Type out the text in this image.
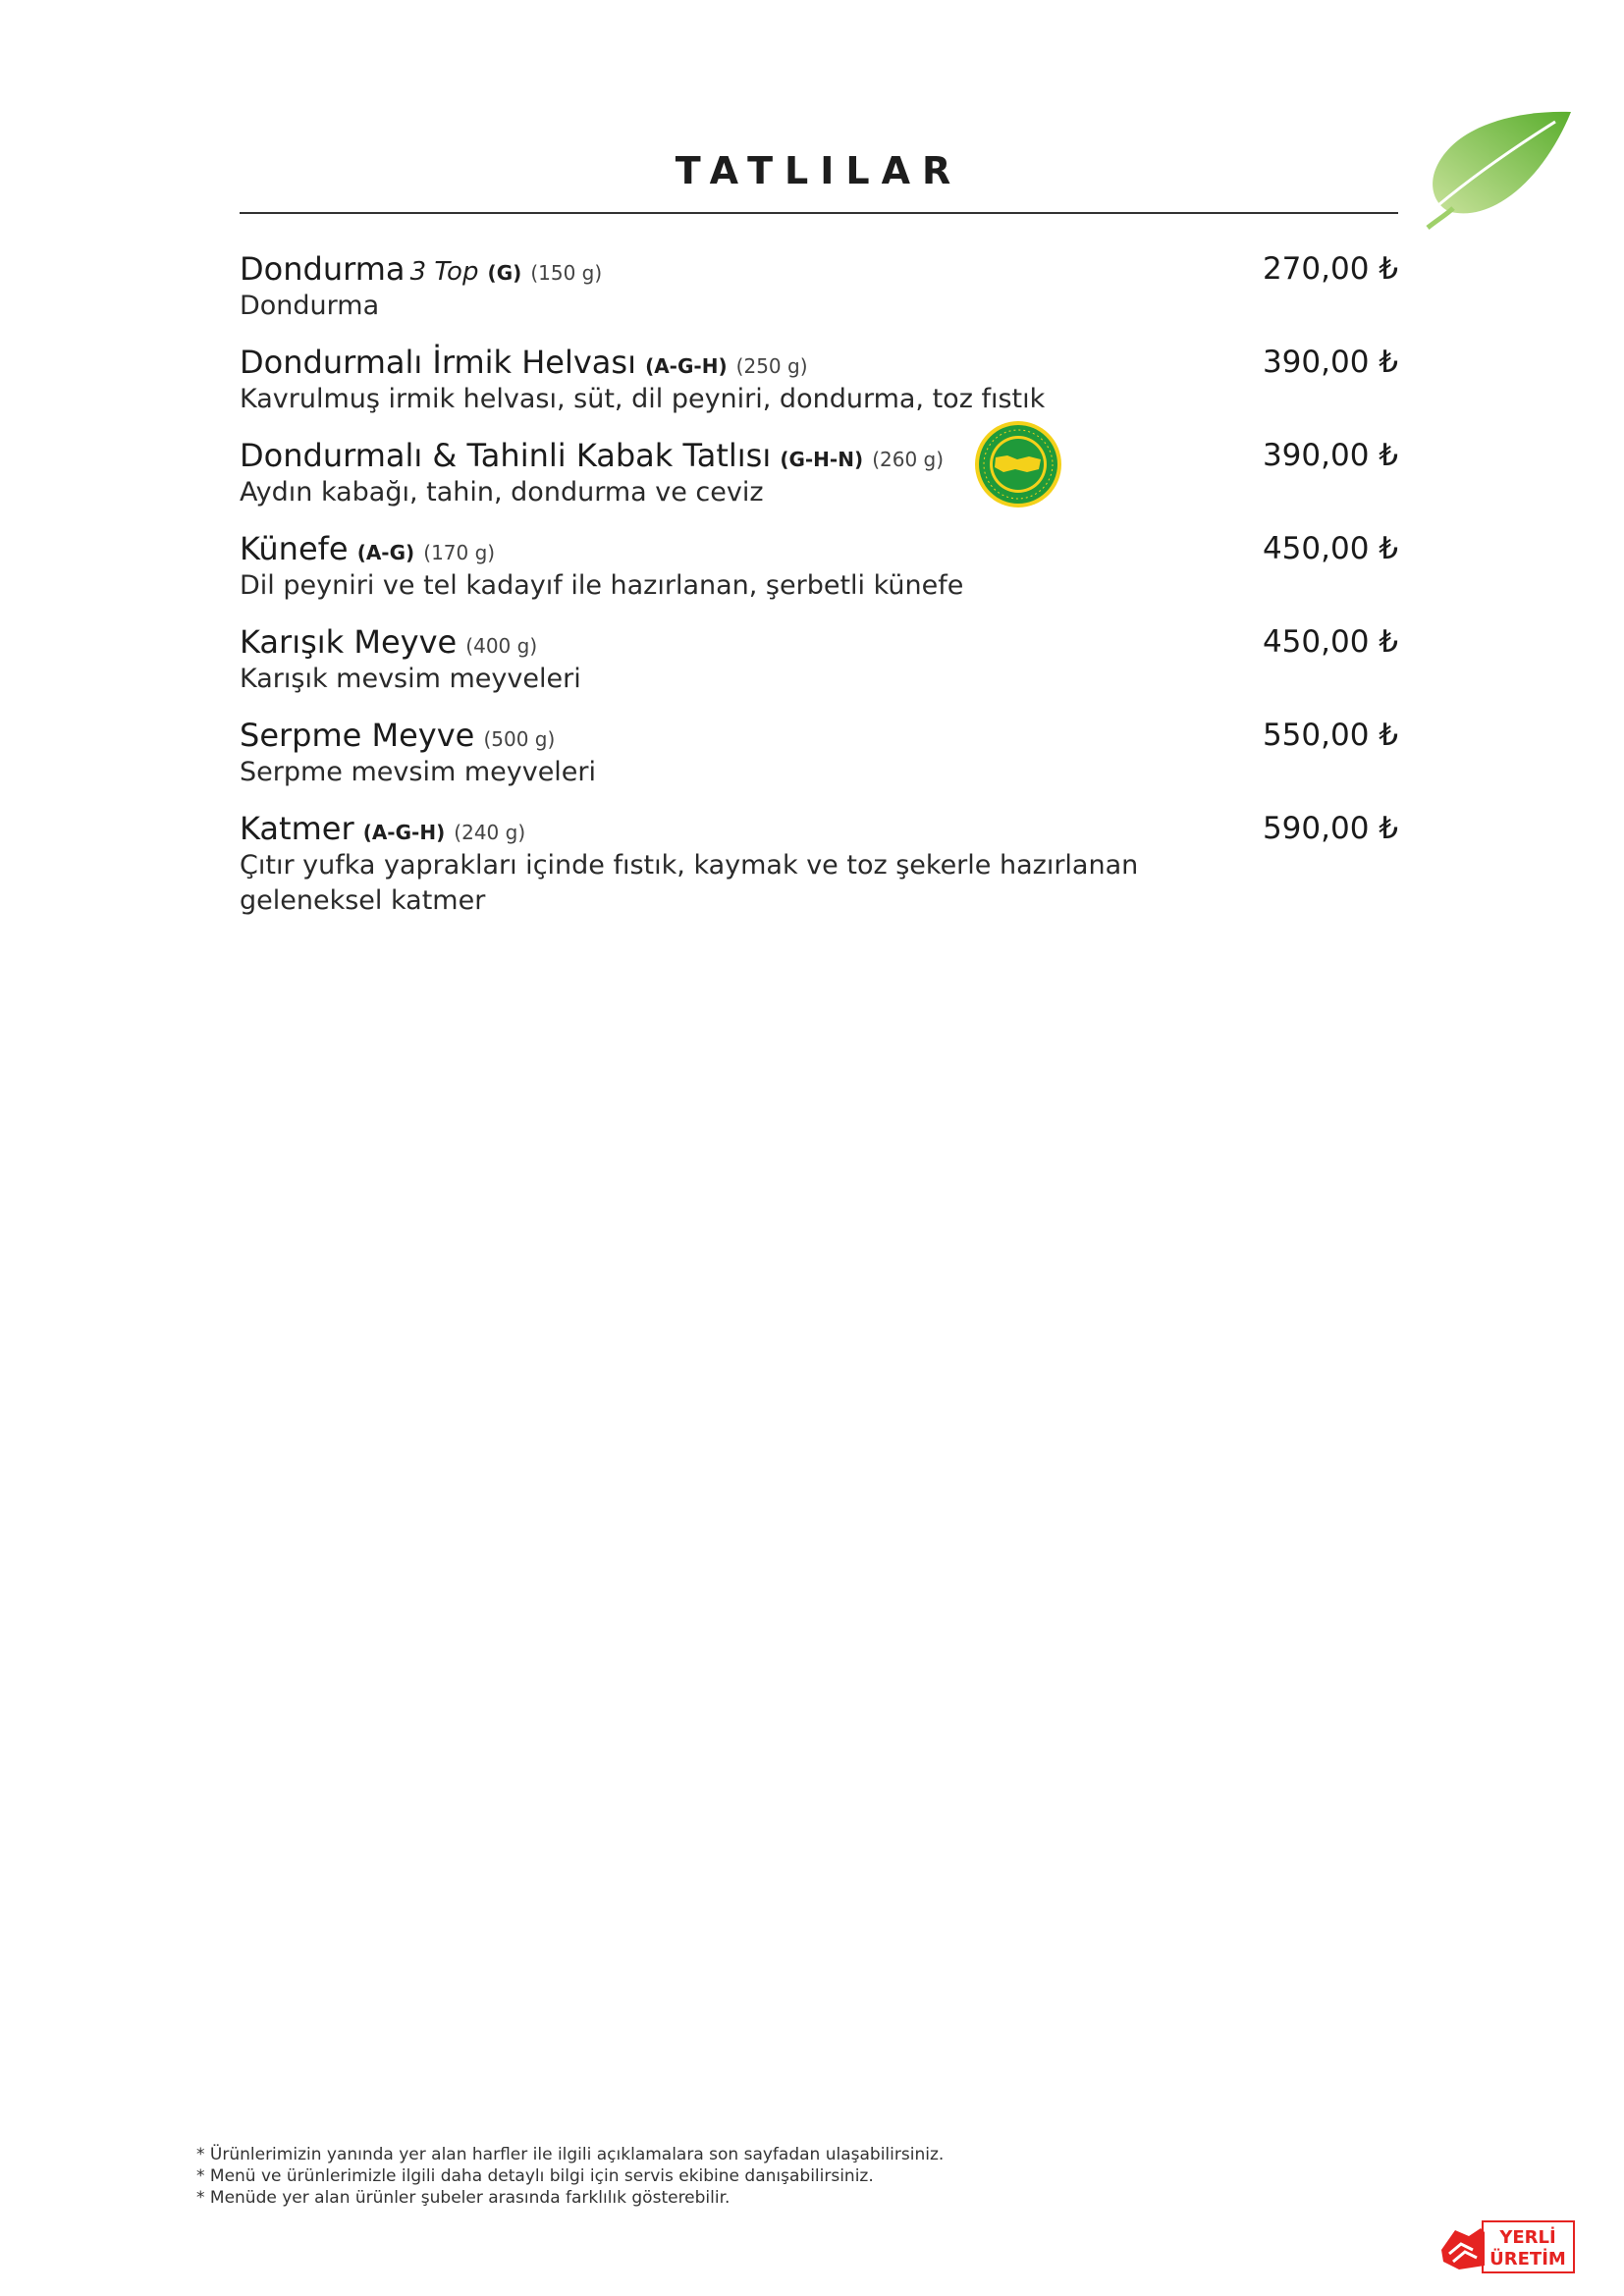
TATLILAR
Dondurma 3 Top (G) (150 g)
Dondurma
270,00 ₺
Dondurmalı İrmik Helvası (A-G-H) (250 g)
Kavrulmuş irmik helvası, süt, dil peyniri, dondurma, toz fıstık
390,00 ₺
Dondurmalı & Tahinli Kabak Tatlısı (G-H-N) (260 g)
Aydın kabağı, tahin, dondurma ve ceviz
390,00 ₺
Künefe (A-G) (170 g)
Dil peyniri ve tel kadayıf ile hazırlanan, şerbetli künefe
450,00 ₺
Karışık Meyve (400 g)
Karışık mevsim meyveleri
450,00 ₺
Serpme Meyve (500 g)
Serpme mevsim meyveleri
550,00 ₺
Katmer (A-G-H) (240 g)
Çıtır yufka yaprakları içinde fıstık, kaymak ve toz şekerle hazırlanan geleneksel katmer
590,00 ₺
* Ürünlerimizin yanında yer alan harfler ile ilgili açıklamalara son sayfadan ulaşabilirsiniz.
* Menü ve ürünlerimizle ilgili daha detaylı bilgi için servis ekibine danışabilirsiniz.
* Menüde yer alan ürünler şubeler arasında farklılık gösterebilir.
YERLİ
ÜRETİM
